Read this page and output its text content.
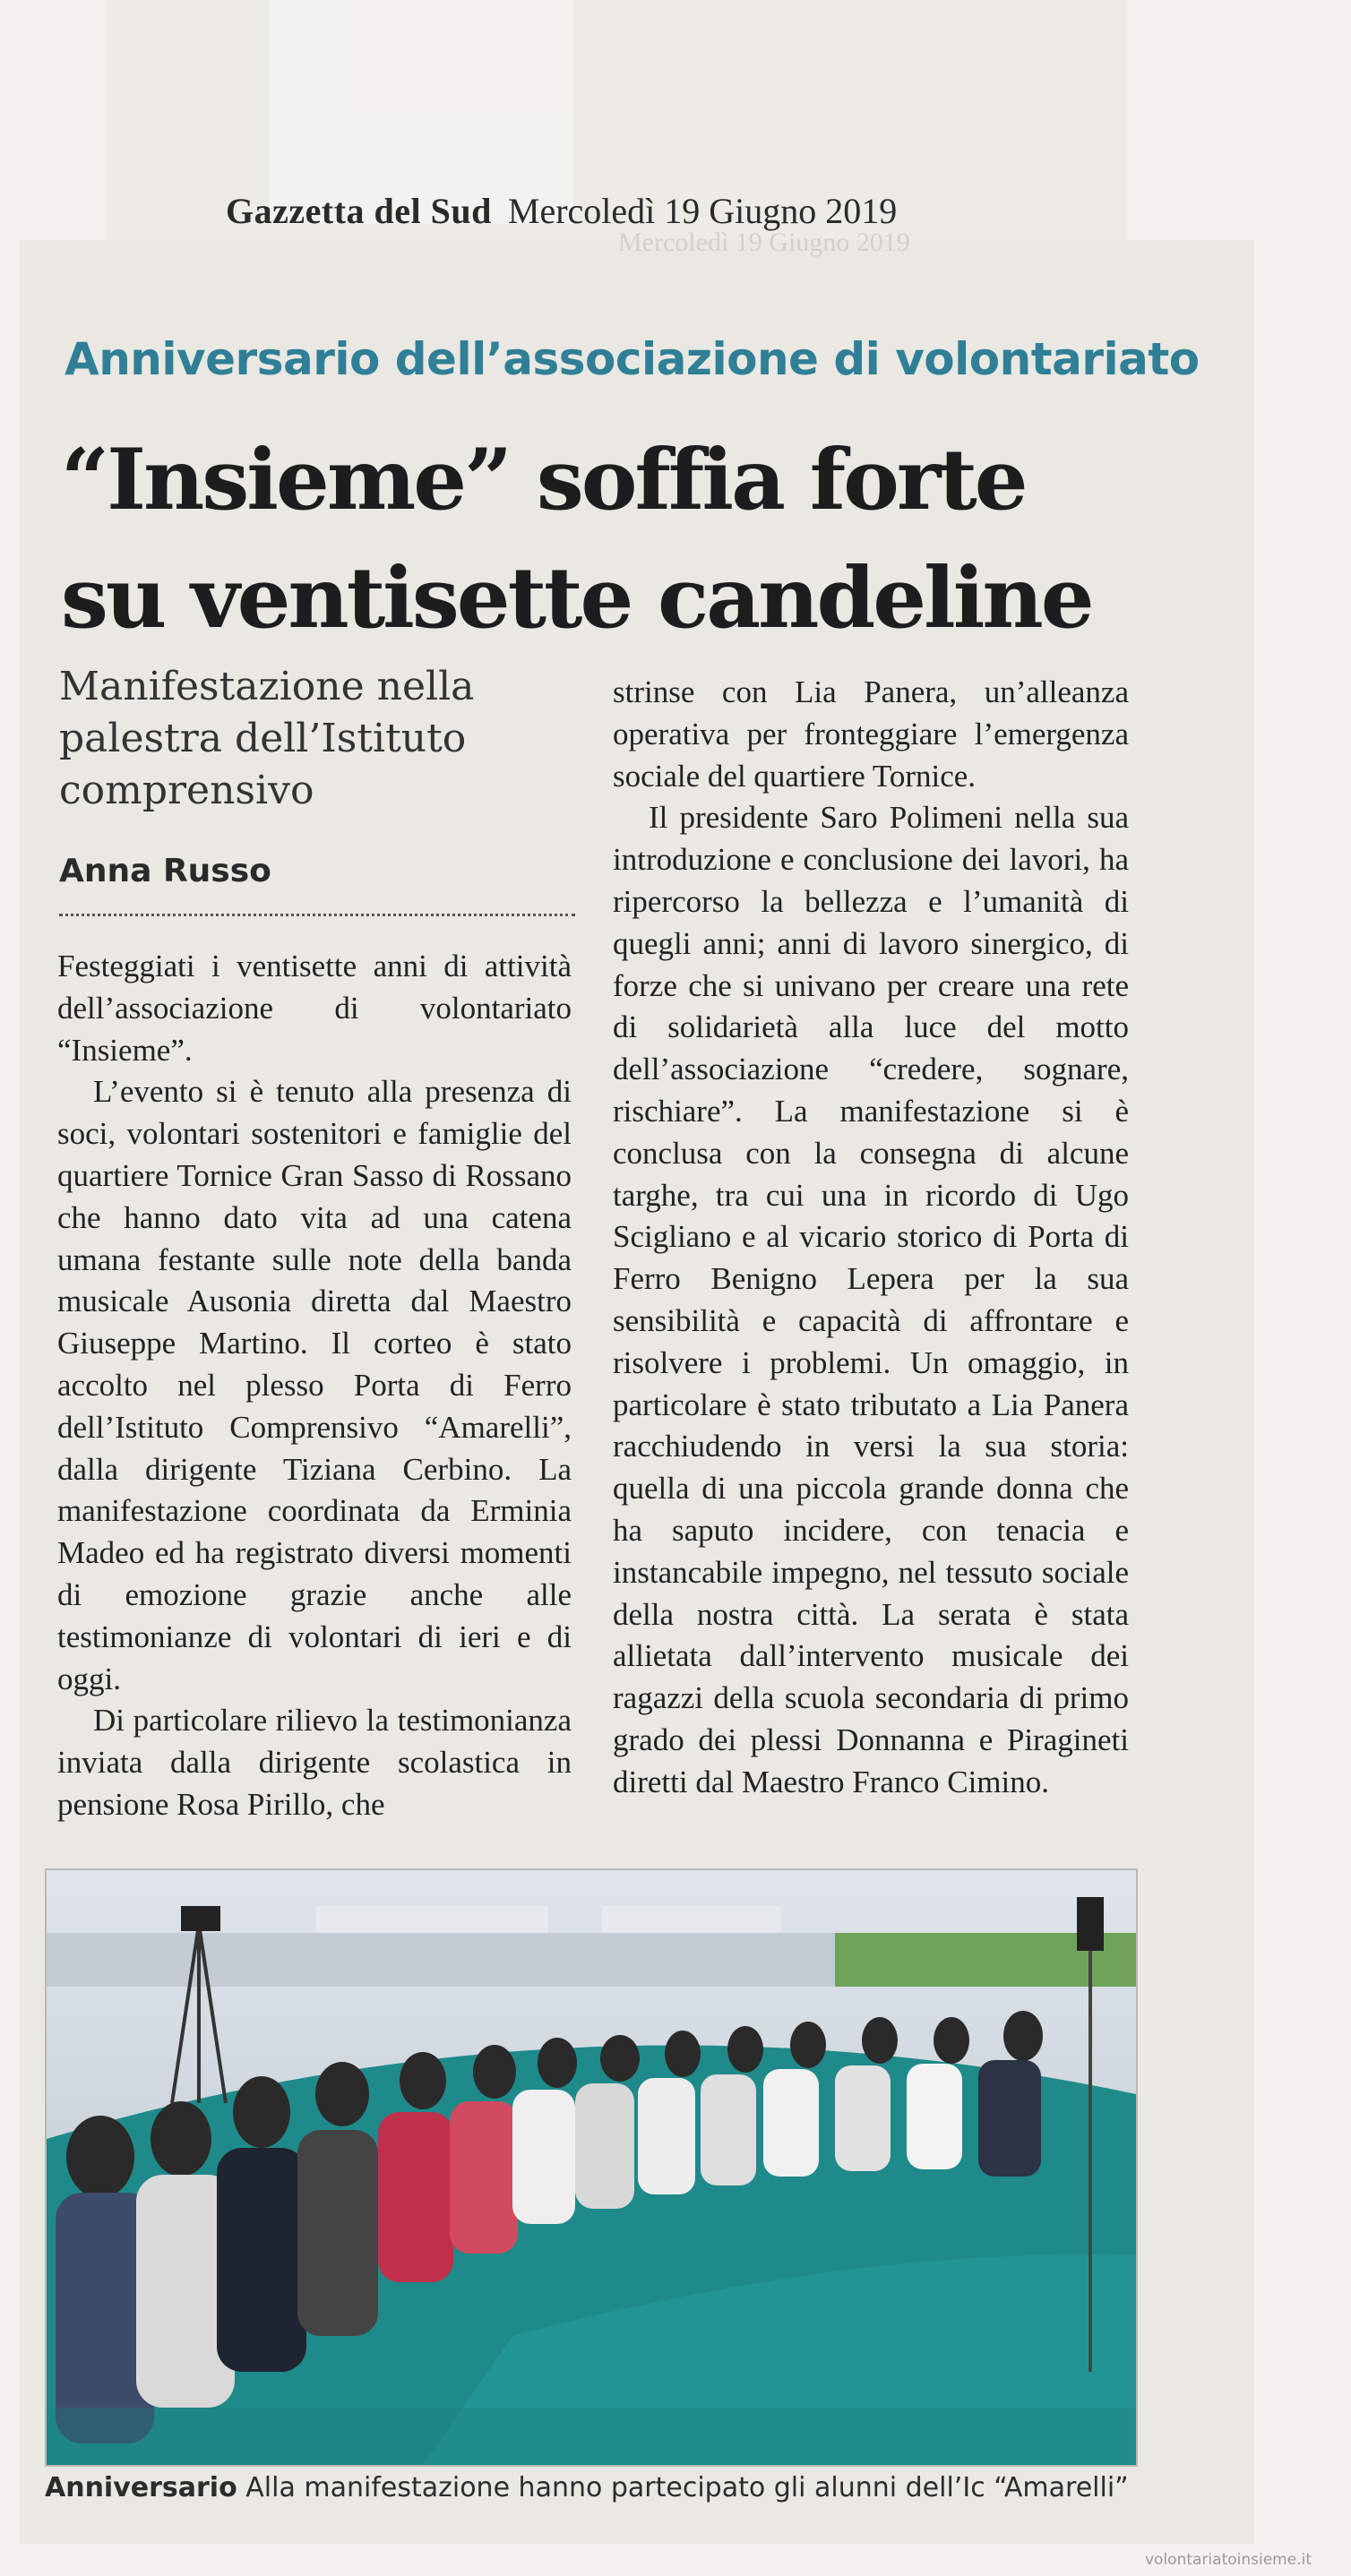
Mercoledì 19 Giugno 2019
Gazzetta del Sud Mercoledì 19 Giugno 2019
Anniversario dell’associazione di volontariato
“Insieme” soffia forte
su ventisette candeline
Manifestazione nella palestra dell’Istituto comprensivo
Anna Russo

Festeggiati i ventisette anni di attività dell’associazione di volontariato “Insieme”.

L’evento si è tenuto alla presenza di soci, volontari sostenitori e famiglie del quartiere Tornice Gran Sasso di Rossano che hanno dato vita ad una catena umana festante sulle note della banda musicale Ausonia diretta dal Maestro Giuseppe Martino. Il corteo è stato accolto nel plesso Porta di Ferro dell’Istituto Comprensivo “Amarelli”, dalla dirigente Tiziana Cerbino. La manifestazione coordinata da Erminia Madeo ed ha registrato diversi momenti di emozione grazie anche alle testimonianze di volontari di ieri e di oggi.

Di particolare rilievo la testimonianza inviata dalla dirigente scolastica in pensione Rosa Pirillo, che

strinse con Lia Panera, un’alleanza operativa per fronteggiare l’emergenza sociale del quartiere Tornice.

Il presidente Saro Polimeni nella sua introduzione e conclusione dei lavori, ha ripercorso la bellezza e l’umanità di quegli anni; anni di lavoro sinergico, di forze che si univano per creare una rete di solidarietà alla luce del motto dell’associazione “credere, sognare, rischiare”. La manifestazione si è conclusa con la consegna di alcune targhe, tra cui una in ricordo di Ugo Scigliano e al vicario storico di Porta di Ferro Benigno Lepera per la sua sensibilità e capacità di affrontare e risolvere i problemi. Un omaggio, in particolare è stato tributato a Lia Panera racchiudendo in versi la sua storia: quella di una piccola grande donna che ha saputo incidere, con tenacia e instancabile impegno, nel tessuto sociale della nostra città. La serata è stata allietata dall’intervento musicale dei ragazzi della scuola secondaria di primo grado dei plessi Donnanna e Piragineti diretti dal Maestro Franco Cimino.

Anniversario Alla manifestazione hanno partecipato gli alunni dell’Ic “Amarelli”
volontariatoinsieme.it
